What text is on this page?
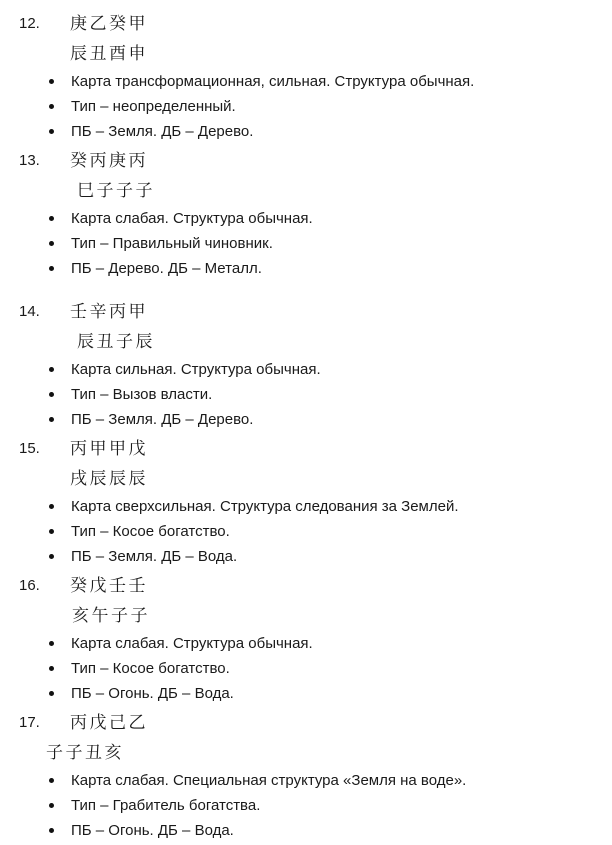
12. 庚乙癸甲
辰丑酉申
Карта трансформационная, сильная. Структура обычная.
Тип – неопределенный.
ПБ – Земля. ДБ – Дерево.
13. 癸丙庚丙
巳子子子
Карта слабая. Структура обычная.
Тип – Правильный чиновник.
ПБ – Дерево. ДБ – Металл.
14. 壬辛丙甲
辰丑子辰
Карта сильная. Структура обычная.
Тип – Вызов власти.
ПБ – Земля. ДБ – Дерево.
15. 丙甲甲戊
戌辰辰辰
Карта сверхсильная. Структура следования за Землей.
Тип – Косое богатство.
ПБ – Земля. ДБ – Вода.
16. 癸戊壬壬
亥午子子
Карта слабая. Структура обычная.
Тип – Косое богатство.
ПБ – Огонь. ДБ – Вода.
17. 丙戊己乙
子子丑亥
Карта слабая. Специальная структура «Земля на воде».
Тип – Грабитель богатства.
ПБ – Огонь. ДБ – Вода.
